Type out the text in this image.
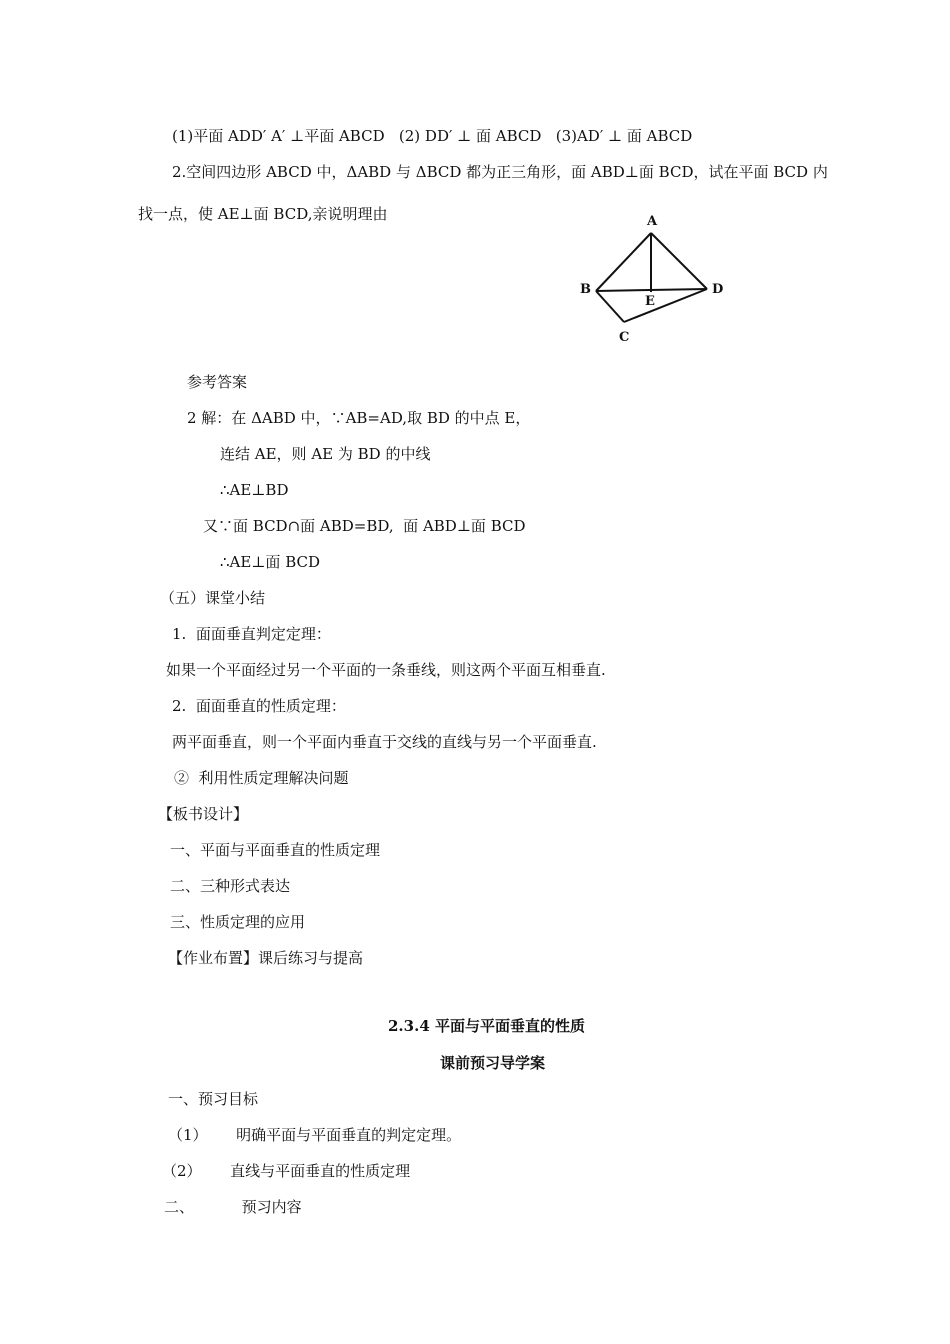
(1)平面 ADD′ A′ ⊥平面 ABCD   (2) DD′ ⊥ 面 ABCD   (3)AD′ ⊥ 面 ABCD
2.空间四边形 ABCD 中，ΔABD 与 ΔBCD 都为正三角形，面 ABD⊥面 BCD，试在平面 BCD 内
找一点，使 AE⊥面 BCD,亲说明理由	A
B
E
D
C
参考答案
2 解：在 ΔABD 中，∵AB=AD,取 BD 的中点 E，
连结 AE，则 AE 为 BD 的中线
∴AE⊥BD
又∵面 BCD∩面 ABD=BD,  面 ABD⊥面 BCD
∴AE⊥面 BCD
（五）课堂小结
1.  面面垂直判定定理：
如果一个平面经过另一个平面的一条垂线，则这两个平面互相垂直.
2.  面面垂直的性质定理：
两平面垂直，则一个平面内垂直于交线的直线与另一个平面垂直.
②  利用性质定理解决问题
【板书设计】
一、平面与平面垂直的性质定理
二、三种形式表达
三、性质定理的应用
【作业布置】课后练习与提高
2.3.4 平面与平面垂直的性质
课前预习导学案
一、预习目标
（1）      明确平面与平面垂直的判定定理。
（2）      直线与平面垂直的性质定理
二、          预习内容
